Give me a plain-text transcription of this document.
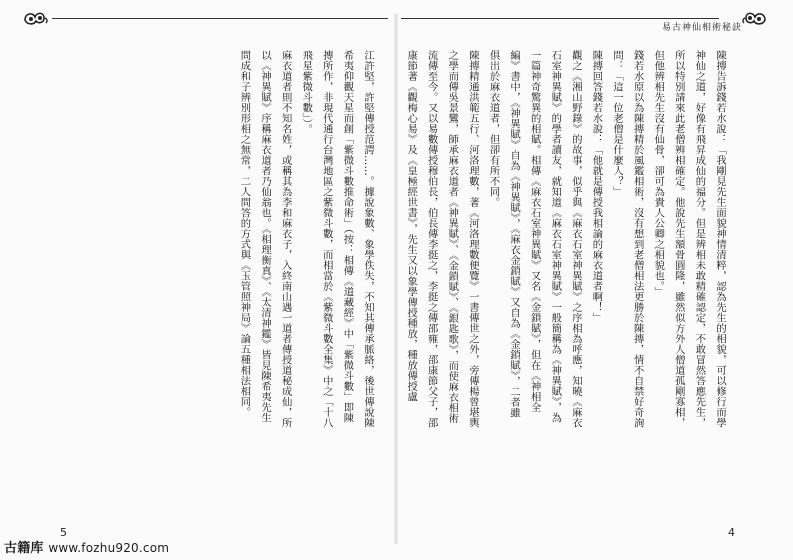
易古神仙相術秘訣

陳摶告訴錢若水說：「我剛見先生面貌神情清粹，認為先生的相貌，可以修行而學神仙之道，好像有飛昇成仙的福分。但是辨相未敢精確認定，不敢冒然答應先生，所以特別請來此老僧辨相確定。他說先生額骨圓隆，雖然似方外人僧道孤剛寡相，但他辨相先生沒有仙骨，卻可為貴人公卿之相貌也。」

錢若水原以為陳摶精於風鑑相術，沒有想到老僧相法更勝於陳摶，情不自禁好奇詢問：「這一位老僧是什麼人？」

陳摶回答錢若水說：「他就是傳授我相論的麻衣道者啊！」

觀之《湘山野錄》的故事，似乎與《麻衣石室神異賦》之序相為呼應，知曉《麻衣石室神異賦》的學者讀友，就知道《麻衣石室神異賦》一般簡稱為《神異賦》，為一篇神奇驚異的相賦。相傳《麻衣石室神異賦》又名《金鎖賦》，但在《神相全編》書中，《神異賦》自為《神異賦》，《麻衣金鎖賦》又自為《金鎖賦》，二者雖俱出於麻衣道者，但卻有所不同。

陳摶精通洪範五行、河洛理數，著《河洛理數便覽》一書傳世之外，旁傳楊曾堪輿之學而傳吳景鸞，師承麻衣道者《神異賦》、《金鎖賦》、《銀匙歌》，而使麻衣相術流傳至今。又以易數傳授穆伯長，伯長傳李挺之，李挺之傳邵雍，邵康節父子，邵康節著《觀梅心易》及《皇極經世書》，先生又以象學傳授種放，種放傳授盧

江許堅，許堅傳授范諤……。據說象數、象學佚失，不知其傳承脈絡，後世傳說陳希夷仰觀天星而創「紫微斗數推命術」（按：相傳《道藏經》中「紫微斗數」即陳摶所作，非現代通行台灣地區之紫微斗數，而相當於《紫微斗數全集》中之「十八飛星紫微斗數」）。

麻衣道者則不知名姓，或稱其為李和麻衣子，入終南山遇一道者傳授道秘成仙，所以《神異賦》序稱麻衣道者乃仙翁也。《相理衡真》、《太清神鑑》皆見陳希夷先生問成和子辨別形相之無常，二人問答的方式與《玉管照神局》論五種相法相同。

5	4
古籍库 www.fozhu920.com
